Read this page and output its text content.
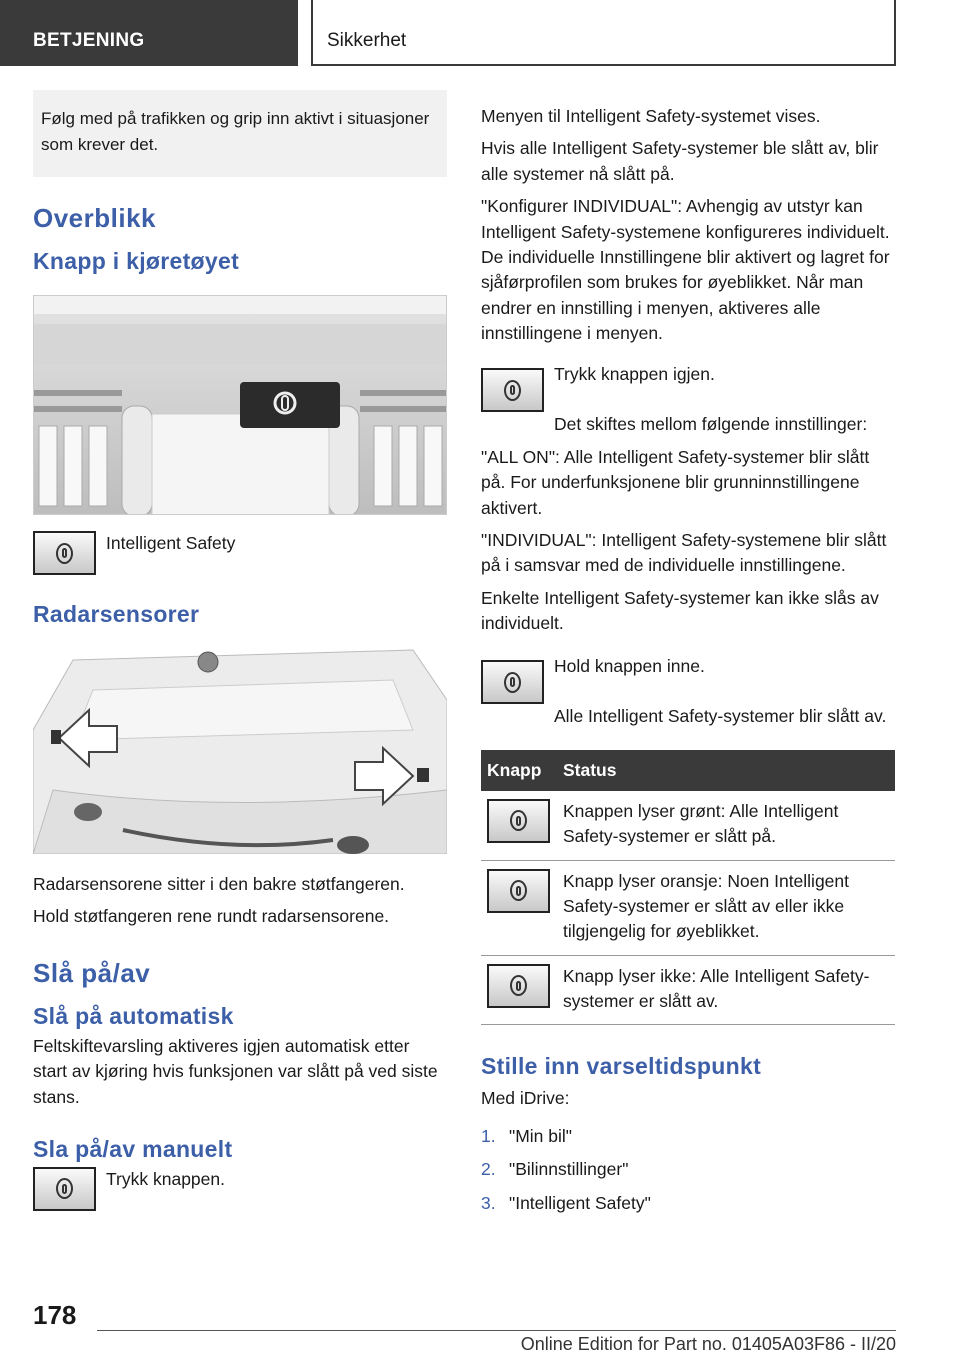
BETJENING	Sikkerhet
Følg med på trafikken og grip inn aktivt i situasjoner som krever det.
Overblikk
Knapp i kjøretøyet

Intelligent Safety

Radarsensorer

Radarsensorene sitter i den bakre støtfangeren.

Hold støtfangeren rene rundt radarsensorene.

Slå på/av
Slå på automatisk

Feltskiftevarsling aktiveres igjen automatisk etter start av kjøring hvis funksjonen var slått på ved siste stans.

Sla på/av manuelt

Trykk knappen.

Menyen til Intelligent Safety-systemet vises.

Hvis alle Intelligent Safety-systemer ble slått av, blir alle systemer nå slått på.

"Konfigurer INDIVIDUAL": Avhengig av utstyr kan Intelligent Safety-systemene konfigureres individuelt. De individuelle Innstillingene blir aktivert og lagret for sjåførprofilen som brukes for øyeblikket. Når man endrer en innstilling i menyen, aktiveres alle innstillingene i menyen.

Trykk knappen igjen.

Det skiftes mellom følgende innstillinger:

"ALL ON": Alle Intelligent Safety-systemer blir slått på. For underfunksjonene blir grunninnstillingene aktivert.

"INDIVIDUAL": Intelligent Safety-systemene blir slått på i samsvar med de individuelle innstillingene.

Enkelte Intelligent Safety-systemer kan ikke slås av individuelt.

Hold knappen inne.

Alle Intelligent Safety-systemer blir slått av.

Knapp	Status

	Knappen lyser grønt: Alle Intelligent Safety-systemer er slått på.

	Knapp lyser oransje: Noen Intelligent Safety-systemer er slått av eller ikke tilgjengelig for øyeblikket.

	Knapp lyser ikke: Alle Intelligent Safety-systemer er slått av.
Stille inn varseltidspunkt

Med iDrive:

1. "Min bil"
2. "Bilinnstillinger"
3. "Intelligent Safety"
178
Online Edition for Part no. 01405A03F86 - II/20
